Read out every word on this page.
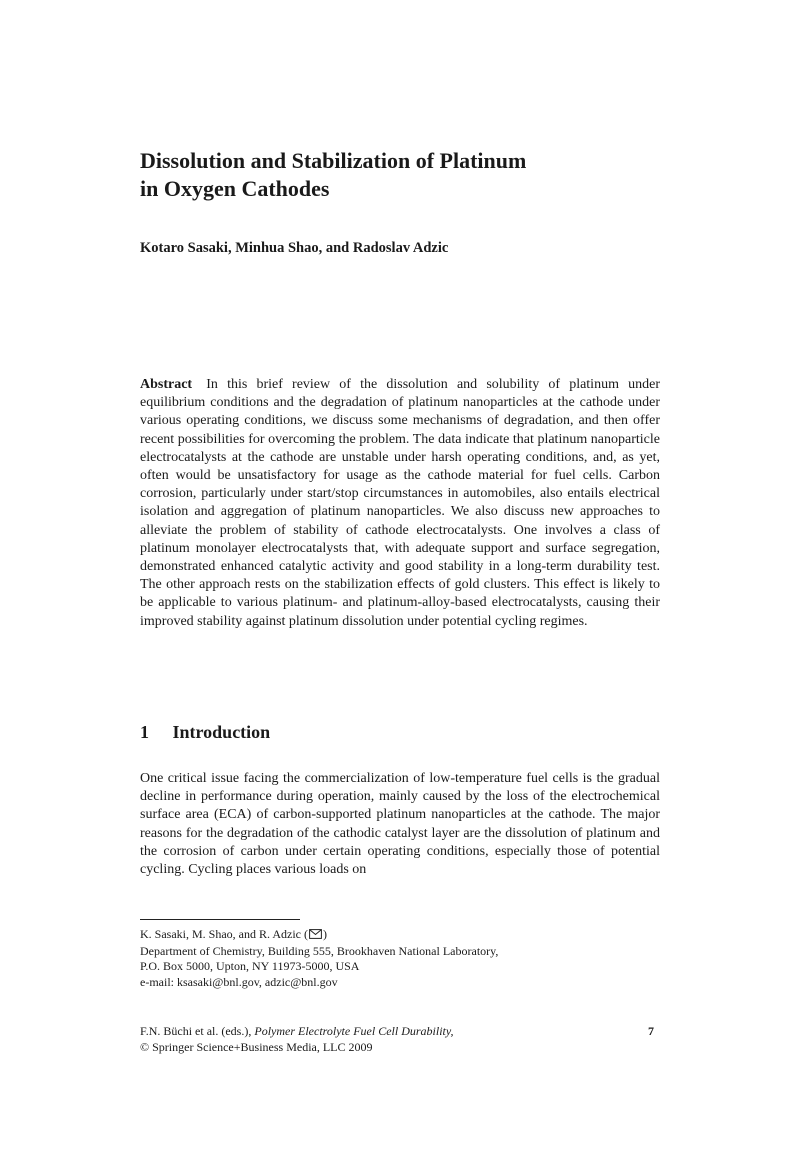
Dissolution and Stabilization of Platinum
in Oxygen Cathodes

Kotaro Sasaki, Minhua Shao, and Radoslav Adzic

Abstract In this brief review of the dissolution and solubility of platinum under equilibrium conditions and the degradation of platinum nanoparticles at the cathode under various operating conditions, we discuss some mechanisms of degradation, and then offer recent possibilities for overcoming the problem. The data indicate that platinum nanoparticle electrocatalysts at the cathode are unstable under harsh operating conditions, and, as yet, often would be unsatisfactory for usage as the cathode material for fuel cells. Carbon corrosion, particularly under start/stop circumstances in automobiles, also entails electrical isolation and aggregation of platinum nanoparticles. We also discuss new approaches to alleviate the problem of stability of cathode electrocatalysts. One involves a class of platinum monolayer electrocatalysts that, with adequate support and surface segregation, demonstrated enhanced catalytic activity and good stability in a long-term durability test. The other approach rests on the stabilization effects of gold clusters. This effect is likely to be applicable to various platinum- and platinum-alloy-based electrocatalysts, causing their improved stability against platinum dissolution under potential cycling regimes.

1 Introduction

One critical issue facing the commercialization of low-temperature fuel cells is the gradual decline in performance during operation, mainly caused by the loss of the electrochemical surface area (ECA) of carbon-supported platinum nanoparticles at the cathode. The major reasons for the degradation of the cathodic catalyst layer are the dissolution of platinum and the corrosion of carbon under certain operating conditions, especially those of potential cycling. Cycling places various loads on

K. Sasaki, M. Shao, and R. Adzic ( )
Department of Chemistry, Building 555, Brookhaven National Laboratory,
P.O. Box 5000, Upton, NY 11973-5000, USA
e-mail: ksasaki@bnl.gov, adzic@bnl.gov
F.N. Büchi et al. (eds.), Polymer Electrolyte Fuel Cell Durability,
© Springer Science+Business Media, LLC 2009
7
